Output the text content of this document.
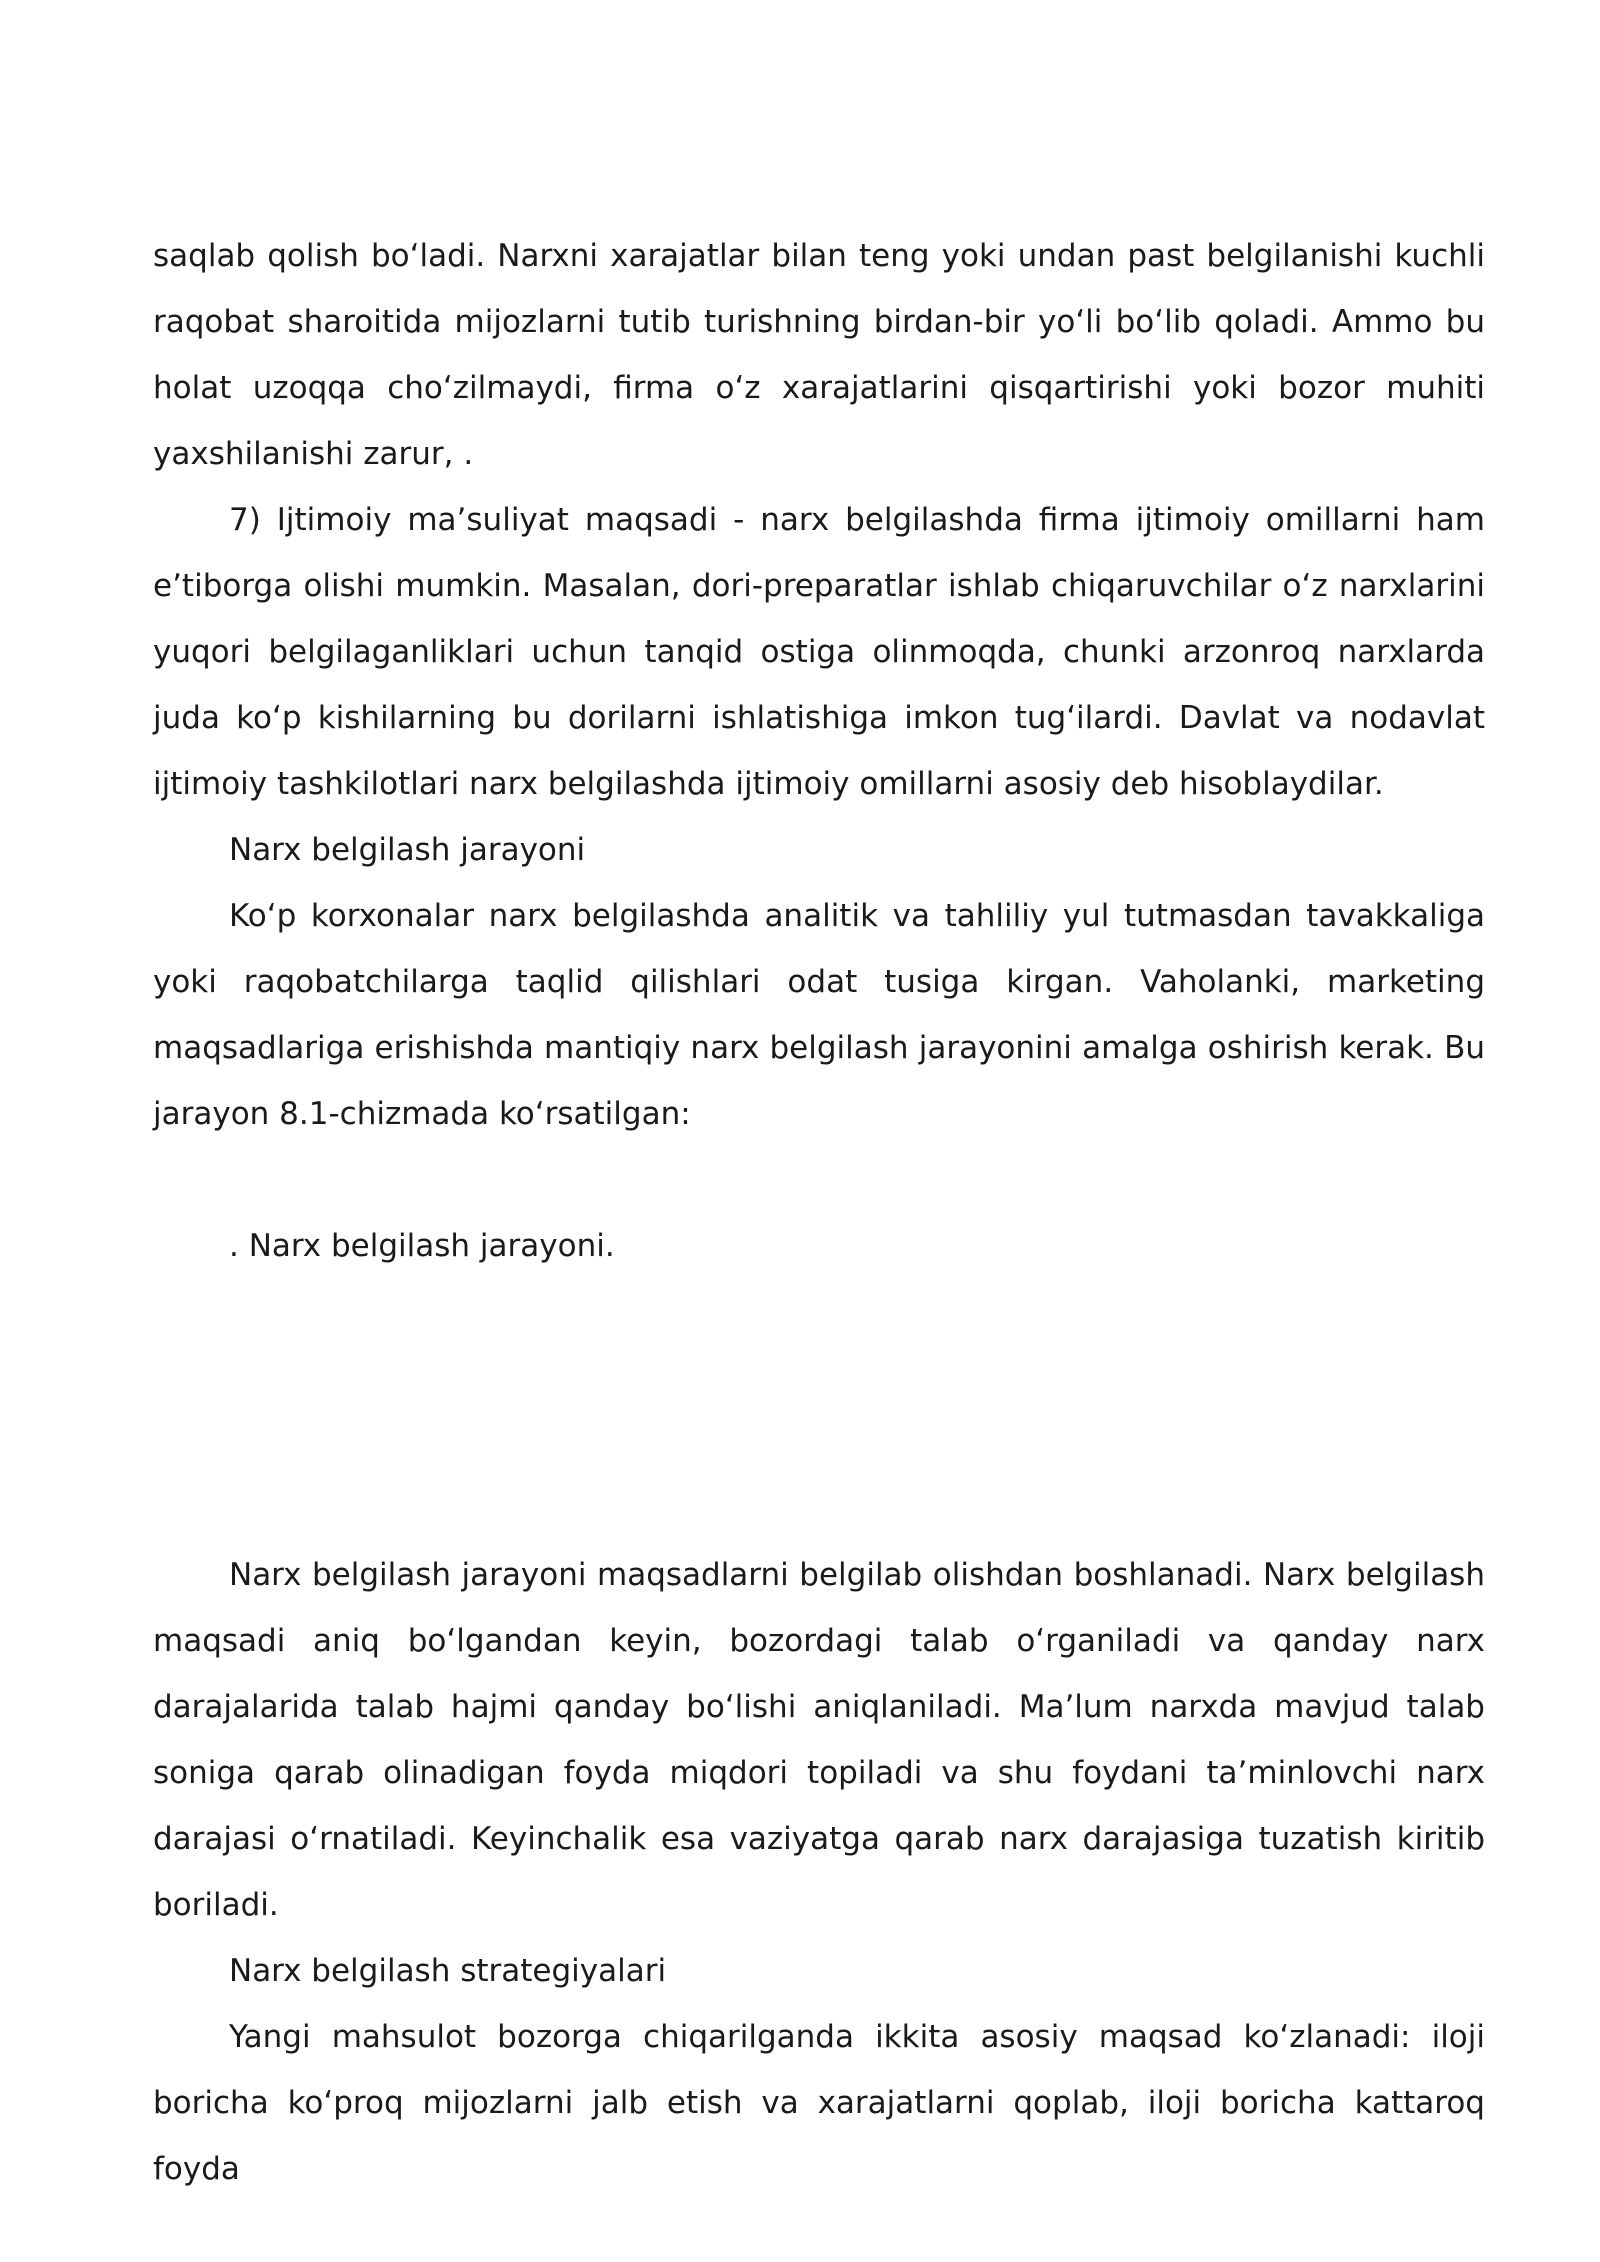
saqlab qolish bo‘ladi. Narxni xarajatlar bilan teng yoki undan past belgilanishi kuchli raqobat sharoitida mijozlarni tutib turishning birdan-bir yo‘li bo‘lib qoladi. Ammo bu holat uzoqqa cho‘zilmaydi, firma o‘z xarajatlarini qisqartirishi yoki bozor muhiti yaxshilanishi zarur, .

7) Ijtimoiy ma’suliyat maqsadi - narx belgilashda firma ijtimoiy omillarni ham e’tiborga olishi mumkin. Masalan, dori-preparatlar ishlab chiqaruvchilar o‘z narxlarini yuqori belgilaganliklari uchun tanqid ostiga olinmoqda, chunki arzonroq narxlarda juda ko‘p kishilarning bu dorilarni ishlatishiga imkon tug‘ilardi. Davlat va nodavlat ijtimoiy tashkilotlari narx belgilashda ijtimoiy omillarni asosiy deb hisoblaydilar.

Narx belgilash jarayoni

Ko‘p korxonalar narx belgilashda analitik va tahliliy yul tutmasdan tavakkaliga yoki raqobatchilarga taqlid qilishlari odat tusiga kirgan. Vaholanki, marketing maqsadlariga erishishda mantiqiy narx belgilash jarayonini amalga oshirish kerak. Bu jarayon 8.1-chizmada ko‘rsatilgan:

. Narx belgilash jarayoni.

Narx belgilash jarayoni maqsadlarni belgilab olishdan boshlanadi. Narx belgilash maqsadi aniq bo‘lgandan keyin, bozordagi talab o‘rganiladi va qanday narx darajalarida talab hajmi qanday bo‘lishi aniqlaniladi. Ma’lum narxda mavjud talab soniga qarab olinadigan foyda miqdori topiladi va shu foydani ta’minlovchi narx darajasi o‘rnatiladi. Keyinchalik esa vaziyatga qarab narx darajasiga tuzatish kiritib boriladi.

Narx belgilash strategiyalari

Yangi mahsulot bozorga chiqarilganda ikkita asosiy maqsad ko‘zlanadi: iloji boricha ko‘proq mijozlarni jalb etish va xarajatlarni qoplab, iloji boricha kattaroq foyda
